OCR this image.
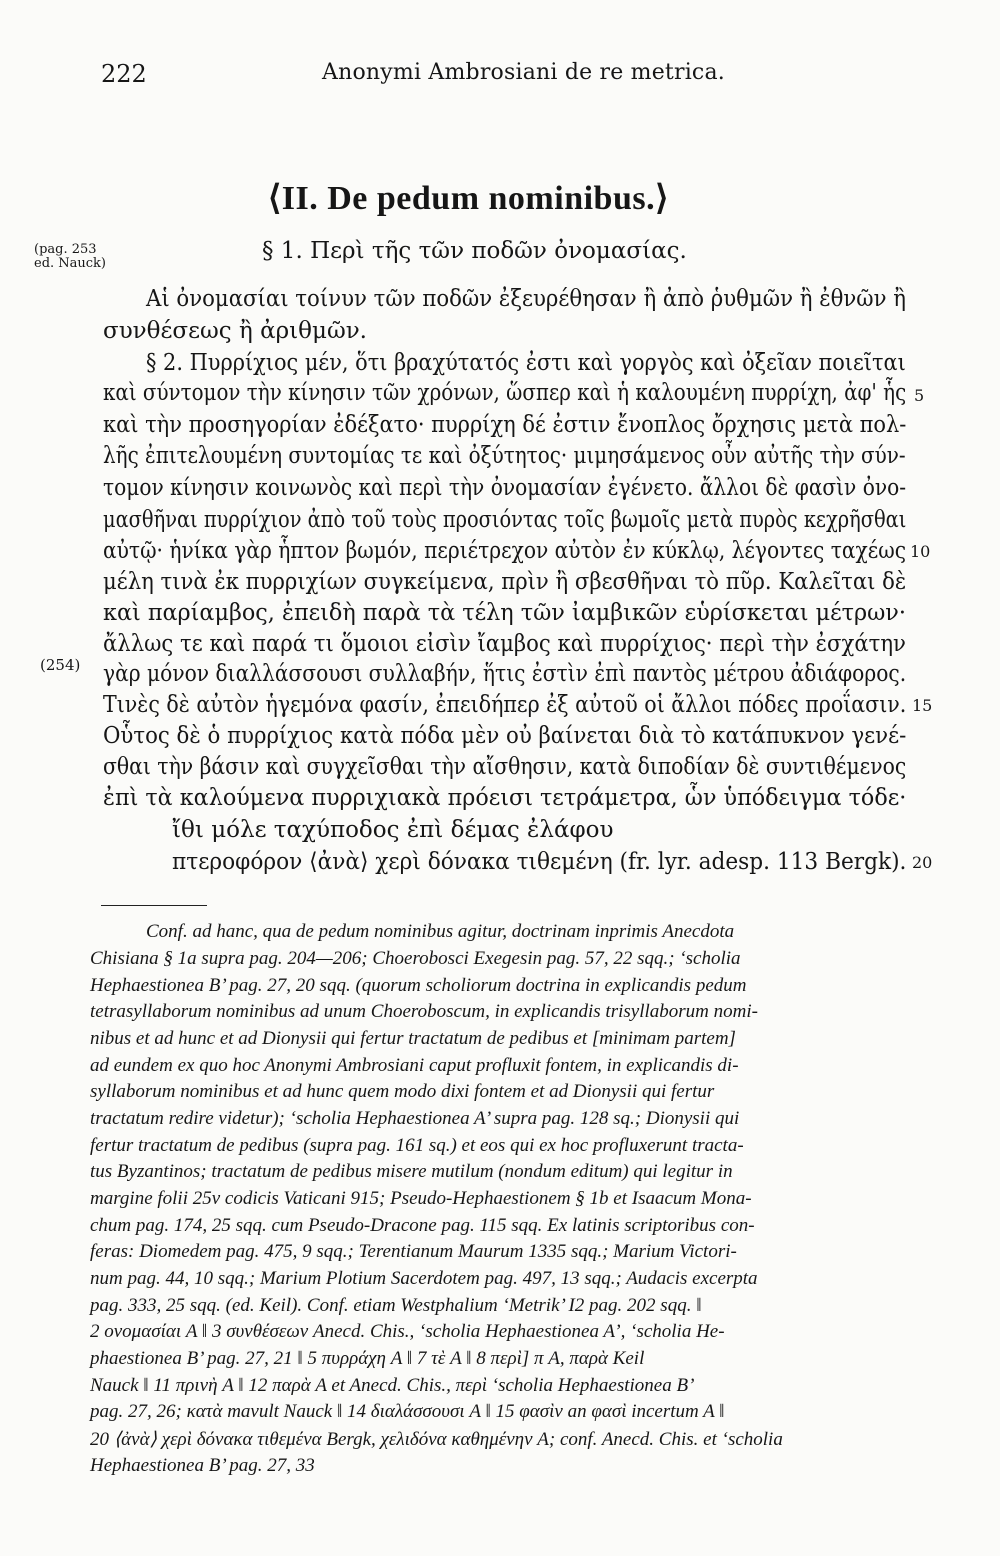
222	Anonymi Ambrosiani de re metrica.
⟨II. De pedum nominibus.⟩
(pag. 253
ed. Nauck)
(254)
§ 1. Περὶ τῆς τῶν ποδῶν ὀνομασίας.
Αἱ ὀνομασίαι τοίνυν τῶν ποδῶν ἐξευρέθησαν ἢ ἀπὸ ῥυθμῶν ἢ ἐθνῶν ἢ
συνθέσεως ἢ ἀριθμῶν.
§ 2. Πυρρίχιος μέν, ὅτι βραχύτατός ἐστι καὶ γοργὸς καὶ ὀξεῖαν ποιεῖται
καὶ σύντομον τὴν κίνησιν τῶν χρόνων, ὥσπερ καὶ ἡ καλουμένη πυρρίχη, ἀφ' ἧς
καὶ τὴν προσηγορίαν ἐδέξατο· πυρρίχη δέ ἐστιν ἔνοπλος ὄρχησις μετὰ πολ-
λῆς ἐπιτελουμένη συντομίας τε καὶ ὀξύτητος· μιμησάμενος οὖν αὐτῆς τὴν σύν-
τομον κίνησιν κοινωνὸς καὶ περὶ τὴν ὀνομασίαν ἐγένετο. ἄλλοι δὲ φασὶν ὀνο-
μασθῆναι πυρρίχιον ἀπὸ τοῦ τοὺς προσιόντας τοῖς βωμοῖς μετὰ πυρὸς κεχρῆσθαι
αὐτῷ· ἡνίκα γὰρ ἧπτον βωμόν, περιέτρεχον αὐτὸν ἐν κύκλῳ, λέγοντες ταχέως
μέλη τινὰ ἐκ πυρριχίων συγκείμενα, πρὶν ἢ σβεσθῆναι τὸ πῦρ. Καλεῖται δὲ
καὶ παρίαμβος, ἐπειδὴ παρὰ τὰ τέλη τῶν ἰαμβικῶν εὑρίσκεται μέτρων·
ἄλλως τε καὶ παρά τι ὅμοιοι εἰσὶν ἴαμβος καὶ πυρρίχιος· περὶ τὴν ἐσχάτην
γὰρ μόνον διαλλάσσουσι συλλαβήν, ἥτις ἐστὶν ἐπὶ παντὸς μέτρου ἀδιάφορος.
Τινὲς δὲ αὐτὸν ἡγεμόνα φασίν, ἐπειδήπερ ἐξ αὐτοῦ οἱ ἄλλοι πόδες προΐασιν.
Οὗτος δὲ ὁ πυρρίχιος κατὰ πόδα μὲν οὐ βαίνεται διὰ τὸ κατάπυκνον γενέ-
σθαι τὴν βάσιν καὶ συγχεῖσθαι τὴν αἴσθησιν, κατὰ διποδίαν δὲ συντιθέμενος
ἐπὶ τὰ καλούμενα πυρριχιακὰ πρόεισι τετράμετρα, ὧν ὑπόδειγμα τόδε·
ἴθι μόλε ταχύποδος ἐπὶ δέμας ἐλάφου
πτεροφόρον ⟨ἀνὰ⟩ χερὶ δόνακα τιθεμένη (fr. lyr. adesp. 113 Bergk).
5
10
15
20
Conf. ad hanc, qua de pedum nominibus agitur, doctrinam inprimis Anecdota
Chisiana § 1a supra pag. 204—206; Choerobosci Exegesin pag. 57, 22 sqq.; ‘scholia
Hephaestionea B’ pag. 27, 20 sqq. (quorum scholiorum doctrina in explicandis pedum
tetrasyllaborum nominibus ad unum Choeroboscum, in explicandis trisyllaborum nomi-
nibus et ad hunc et ad Dionysii qui fertur tractatum de pedibus et [minimam partem]
ad eundem ex quo hoc Anonymi Ambrosiani caput profluxit fontem, in explicandis di-
syllaborum nominibus et ad hunc quem modo dixi fontem et ad Dionysii qui fertur
tractatum redire videtur); ‘scholia Hephaestionea A’ supra pag. 128 sq.; Dionysii qui
fertur tractatum de pedibus (supra pag. 161 sq.) et eos qui ex hoc profluxerunt tracta-
tus Byzantinos; tractatum de pedibus misere mutilum (nondum editum) qui legitur in
margine folii 25v codicis Vaticani 915; Pseudo-Hephaestionem § 1b et Isaacum Mona-
chum pag. 174, 25 sqq. cum Pseudo-Dracone pag. 115 sqq. Ex latinis scriptoribus con-
feras: Diomedem pag. 475, 9 sqq.; Terentianum Maurum 1335 sqq.; Marium Victori-
num pag. 44, 10 sqq.; Marium Plotium Sacerdotem pag. 497, 13 sqq.; Audacis excerpta
pag. 333, 25 sqq. (ed. Keil). Conf. etiam Westphalium ‘Metrik’ I2 pag. 202 sqq. ‖
2 ονομασίαι A ‖ 3 συνθέσεων Anecd. Chis., ‘scholia Hephaestionea A’, ‘scholia He-
phaestionea B’ pag. 27, 21 ‖ 5 πυρράχη A ‖ 7 τὲ A ‖ 8 περὶ] π A, παρὰ Keil
Nauck ‖ 11 πρινὴ A ‖ 12 παρὰ A et Anecd. Chis., περὶ ‘scholia Hephaestionea B’
pag. 27, 26; κατὰ mavult Nauck ‖ 14 διαλάσσουσι A ‖ 15 φασὶν an φασὶ incertum A ‖
20 ⟨ἀνὰ⟩ χερὶ δόνακα τιθεμένα Bergk, χελιδόνα καθημένην A; conf. Anecd. Chis. et ‘scholia
Hephaestionea B’ pag. 27, 33
